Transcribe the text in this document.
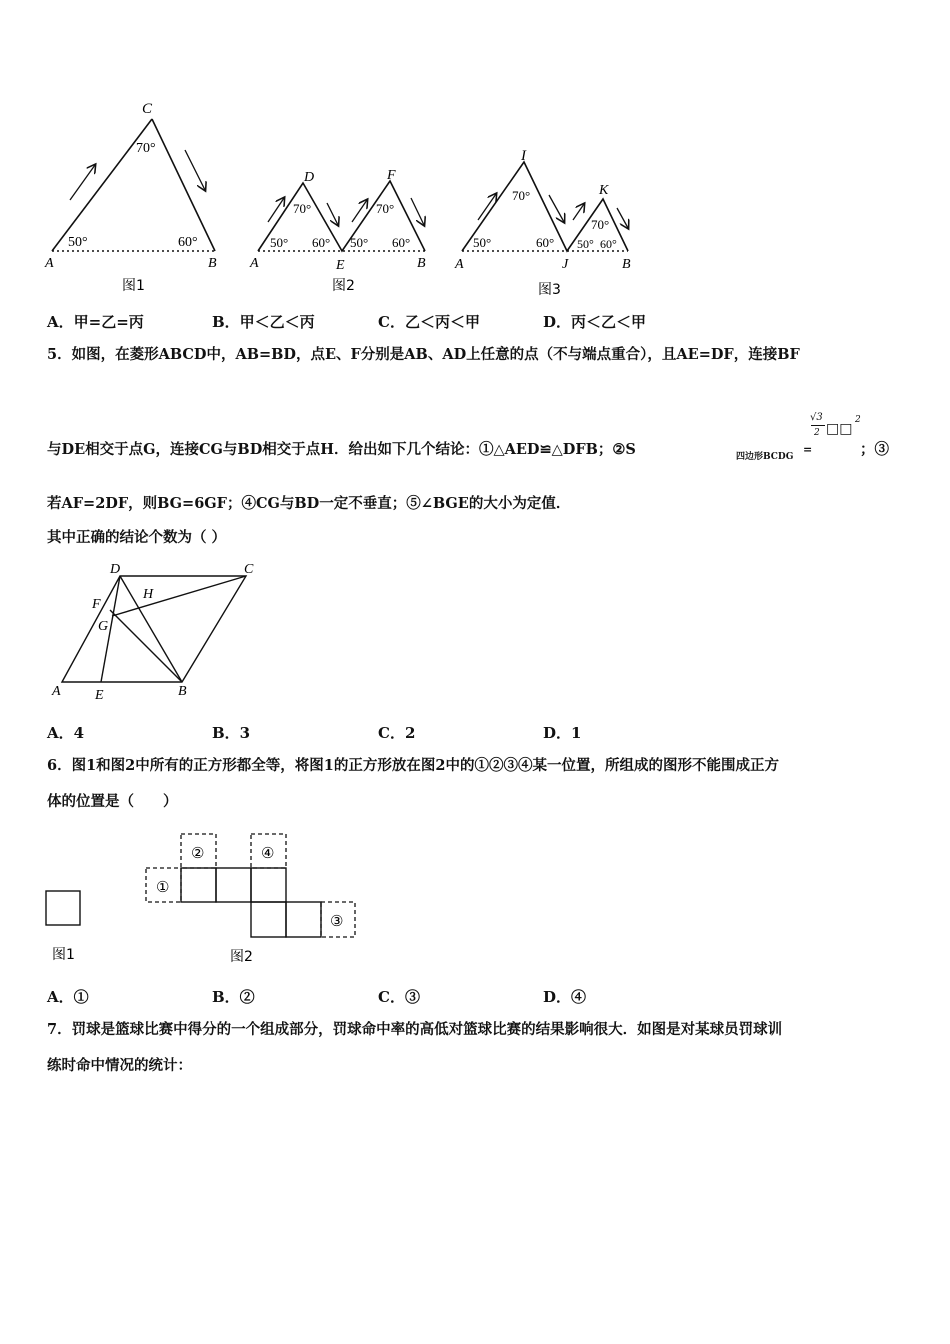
C
70°
50°	60°
A	B
图1
D	F
70°	70°
50° 60° 50° 60°
A	E	B
图2
I
K
70°
70°
50°	60° 50° 60°
A	J	B
图3
A．甲=乙=丙	B．甲＜乙＜丙	C．乙＜丙＜甲	D．丙＜乙＜甲
5．如图，在菱形ABCD中，AB=BD，点E、F分别是AB、AD上任意的点（不与端点重合），且AE=DF，连接BF
与DE相交于点G，连接CG与BD相交于点H．给出如下几个结论：①△AED≌△DFB；②S	四边形BCDG
=
√3
2 □□
2
；③
若AF=2DF，则BG=6GF；④CG与BD一定不垂直；⑤∠BGE的大小为定值．
其中正确的结论个数为（ ）
D	C
H
F
G
A E	B
A．4	B．3	C．2	D．1
6．图1和图2中所有的正方形都全等，将图1的正方形放在图2中的①②③④某一位置，所组成的图形不能围成正方
体的位置是（　　）
①
②
③
④
图1	图2
A．①	B．②	C．③	D．④
7．罚球是篮球比赛中得分的一个组成部分，罚球命中率的高低对篮球比赛的结果影响很大．如图是对某球员罚球训
练时命中情况的统计：
